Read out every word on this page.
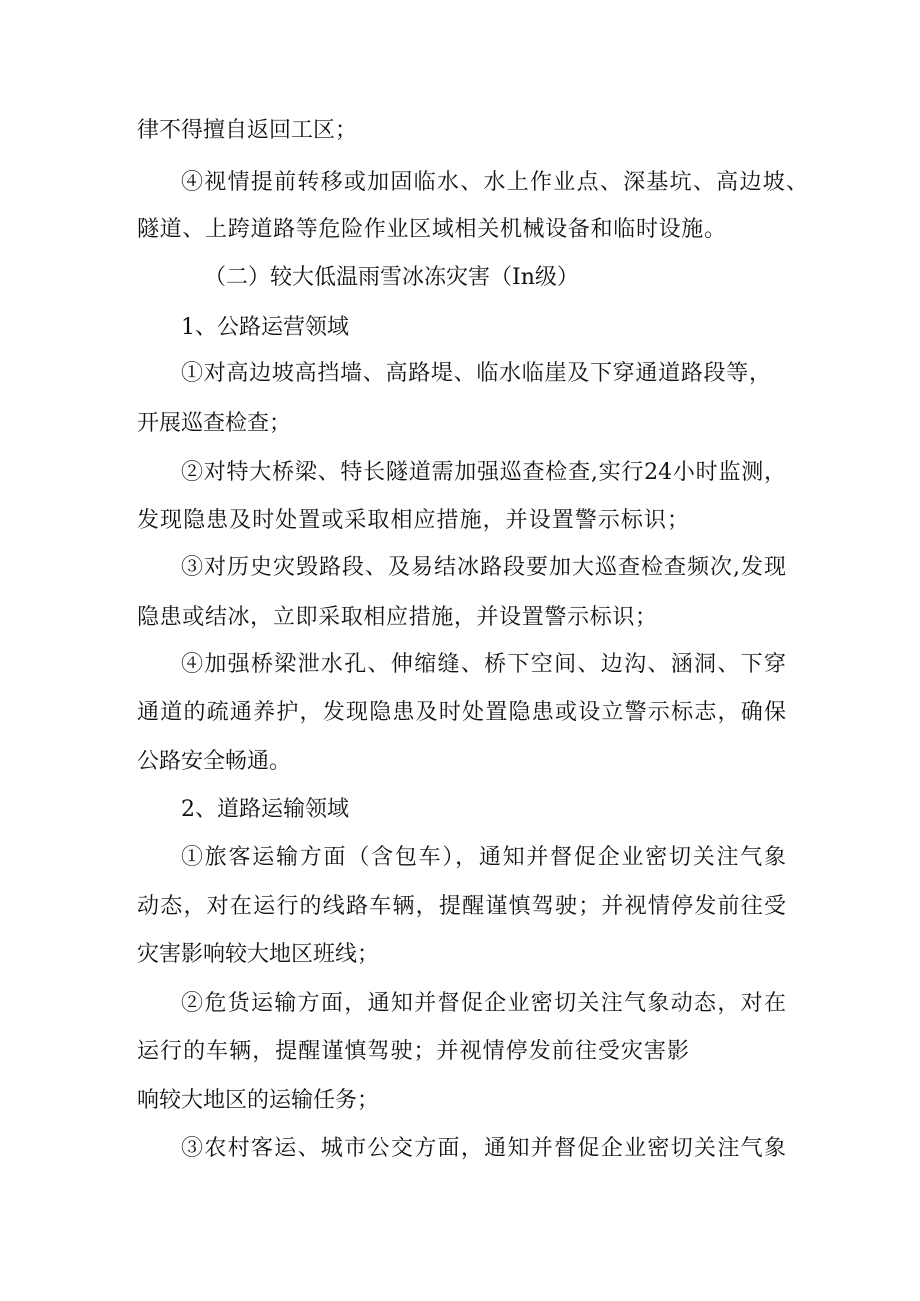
律不得擅自返回工区；
④视情提前转移或加固临水、水上作业点、深基坑、高边坡、
隧道、上跨道路等危险作业区域相关机械设备和临时设施。
（二）较大低温雨雪冰冻灾害（In级）
1、公路运营领域
①对高边坡高挡墙、高路堤、临水临崖及下穿通道路段等，
开展巡查检查；
②对特大桥梁、特长隧道需加强巡查检查,实行24小时监测，
发现隐患及时处置或采取相应措施，并设置警示标识；
③对历史灾毁路段、及易结冰路段要加大巡查检查频次,发现
隐患或结冰，立即采取相应措施，并设置警示标识；
④加强桥梁泄水孔、伸缩缝、桥下空间、边沟、涵洞、下穿
通道的疏通养护，发现隐患及时处置隐患或设立警示标志，确保
公路安全畅通。
2、道路运输领域
①旅客运输方面（含包车），通知并督促企业密切关注气象
动态，对在运行的线路车辆，提醒谨慎驾驶；并视情停发前往受
灾害影响较大地区班线；
②危货运输方面，通知并督促企业密切关注气象动态，对在
运行的车辆，提醒谨慎驾驶；并视情停发前往受灾害影
响较大地区的运输任务；
③农村客运、城市公交方面，通知并督促企业密切关注气象
